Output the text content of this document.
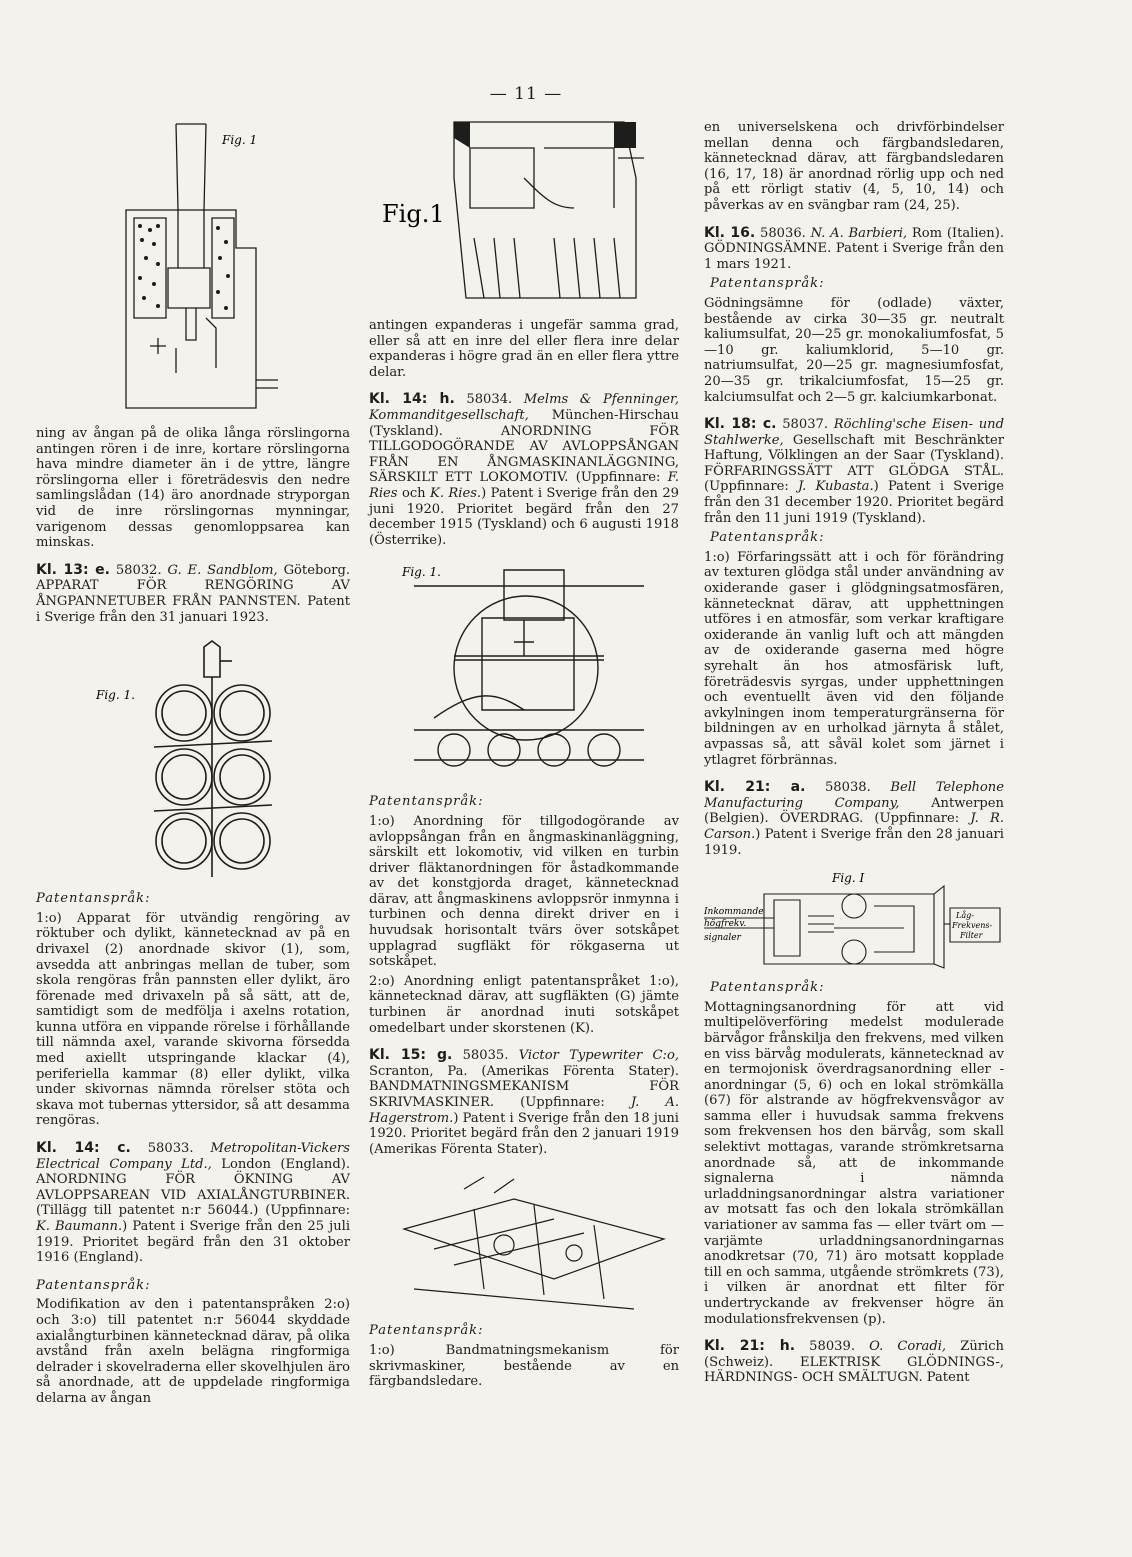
— 11 —
Fig. 1

ning av ångan på de olika långa rörslingorna antingen rören i de inre, kortare rörslingorna hava mindre diameter än i de yttre, längre rörslingorna eller i företrädesvis den nedre samlingslådan (14) äro anordnade stryporgan vid de inre rörslingornas mynningar, varigenom dessas genomloppsarea kan minskas.

Kl. 13: e. 58032. G. E. Sandblom, Göteborg. APPARAT FÖR RENGÖRING AV ÅNGPANNETUBER FRÅN PANNSTEN. Patent i Sverige från den 31 januari 1923.

Fig. 1.
Patentanspråk:

1:o) Apparat för utvändig rengöring av röktuber och dylikt, kännetecknad av på en drivaxel (2) anordnade skivor (1), som, avsedda att anbringas mellan de tuber, som skola rengöras från pannsten eller dylikt, äro förenade med drivaxeln på så sätt, att de, samtidigt som de medfölja i axelns rotation, kunna utföra en vippande rörelse i förhållande till nämnda axel, varande skivorna försedda med axiellt utspringande klackar (4), periferiella kammar (8) eller dylikt, vilka under skivornas nämnda rörelser stöta och skava mot tubernas yttersidor, så att desamma rengöras.

Kl. 14: c. 58033. Metropolitan-Vickers Electrical Company Ltd., London (England). ANORDNING FÖR ÖKNING AV AVLOPPSAREAN VID AXIALÅNGTURBINER. (Tillägg till patentet n:r 56044.) (Uppfinnare: K. Baumann.) Patent i Sverige från den 25 juli 1919. Prioritet begärd från den 31 oktober 1916 (England).

Patentanspråk:

Modifikation av den i patentanspråken 2:o) och 3:o) till patentet n:r 56044 skyddade axialångturbinen kännetecknad därav, på olika avstånd från axeln belägna ringformiga delrader i skovelraderna eller skovelhjulen äro så anordnade, att de uppdelade ringformiga delarna av ångan

Fig.1

antingen expanderas i ungefär samma grad, eller så att en inre del eller flera inre delar expanderas i högre grad än en eller flera yttre delar.

Kl. 14: h. 58034. Melms & Pfenninger, Kommanditgesellschaft, München-Hirschau (Tyskland). ANORDNING FÖR TILLGODOGÖRANDE AV AVLOPPSÅNGAN FRÅN EN ÅNGMASKINANLÄGGNING, SÄRSKILT ETT LOKOMOTIV. (Uppfinnare: F. Ries och K. Ries.) Patent i Sverige från den 29 juni 1920. Prioritet begärd från den 27 december 1915 (Tyskland) och 6 augusti 1918 (Österrike).

Fig. 1.
Patentanspråk:

1:o) Anordning för tillgodogörande av avloppsångan från en ångmaskinanläggning, särskilt ett lokomotiv, vid vilken en turbin driver fläktanordningen för åstadkommande av det konstgjorda draget, kännetecknad därav, att ångmaskinens avloppsrör inmynna i turbinen och denna direkt driver en i huvudsak horisontalt tvärs över sotskåpet upplagrad sugfläkt för rökgaserna ut sotskåpet.

2:o) Anordning enligt patentanspråket 1:o), kännetecknad därav, att sugfläkten (G) jämte turbinen är anordnad inuti sotskåpet omedelbart under skorstenen (K).

Kl. 15: g. 58035. Victor Typewriter C:o, Scranton, Pa. (Amerikas Förenta Stater). BANDMATNINGSMEKANISM FÖR SKRIVMASKINER. (Uppfinnare: J. A. Hagerstrom.) Patent i Sverige från den 18 juni 1920. Prioritet begärd från den 2 januari 1919 (Amerikas Förenta Stater).

Patentanspråk:

1:o) Bandmatningsmekanism för skrivmaskiner, bestående av en färgbandsledare.

en universelskena och drivförbindelser mellan denna och färgbandsledaren, kännetecknad därav, att färgbandsledaren (16, 17, 18) är anordnad rörlig upp och ned på ett rörligt stativ (4, 5, 10, 14) och påverkas av en svängbar ram (24, 25).

Kl. 16. 58036. N. A. Barbieri, Rom (Italien). GÖDNINGSÄMNE. Patent i Sverige från den 1 mars 1921.

Patentanspråk:

Gödningsämne för (odlade) växter, bestående av cirka 30—35 gr. neutralt kaliumsulfat, 20—25 gr. monokaliumfosfat, 5—10 gr. kaliumklorid, 5—10 gr. natriumsulfat, 20—25 gr. magnesiumfosfat, 20—35 gr. trikalciumfosfat, 15—25 gr. kalciumsulfat och 2—5 gr. kalciumkarbonat.

Kl. 18: c. 58037. Röchling'sche Eisen- und Stahlwerke, Gesellschaft mit Beschränkter Haftung, Völklingen an der Saar (Tyskland). FÖRFARINGSSÄTT ATT GLÖDGA STÅL. (Uppfinnare: J. Kubasta.) Patent i Sverige från den 31 december 1920. Prioritet begärd från den 11 juni 1919 (Tyskland).

Patentanspråk:

1:o) Förfaringssätt att i och för förändring av texturen glödga stål under användning av oxiderande gaser i glödgningsatmosfären, kännetecknat därav, att upphettningen utföres i en atmosfär, som verkar kraftigare oxiderande än vanlig luft och att mängden av de oxiderande gaserna med högre syrehalt än hos atmosfärisk luft, företrädesvis syrgas, under upphettningen och eventuellt även vid den följande avkylningen inom temperaturgränserna för bildningen av en urholkad järnyta å stålet, avpassas så, att såväl kolet som järnet i ytlagret förbrännas.

Kl. 21: a. 58038. Bell Telephone Manufacturing Company, Antwerpen (Belgien). ÖVERDRAG. (Uppfinnare: J. R. Carson.) Patent i Sverige från den 28 januari 1919.

Fig. I
Inkommande
högfrekv.
signaler
Låg-
Frekvens-
Filter
Patentanspråk:

Mottagningsanordning för att vid multipelöverföring medelst modulerade bärvågor frånskilja den frekvens, med vilken en viss bärvåg modulerats, kännetecknad av en termojonisk överdragsanordning eller -anordningar (5, 6) och en lokal strömkälla (67) för alstrande av högfrekvensvågor av samma eller i huvudsak samma frekvens som frekvensen hos den bärvåg, som skall selektivt mottagas, varande strömkretsarna anordnade så, att de inkommande signalerna i nämnda urladdningsanordningar alstra variationer av motsatt fas och den lokala strömkällan variationer av samma fas — eller tvärt om — varjämte urladdningsanordningarnas anodkretsar (70, 71) äro motsatt kopplade till en och samma, utgående strömkrets (73), i vilken är anordnat ett filter för undertryckande av frekvenser högre än modulationsfrekvensen (p).

Kl. 21: h. 58039. O. Coradi, Zürich (Schweiz). ELEKTRISK GLÖDNINGS-, HÄRDNINGS- OCH SMÄLTUGN. Patent
